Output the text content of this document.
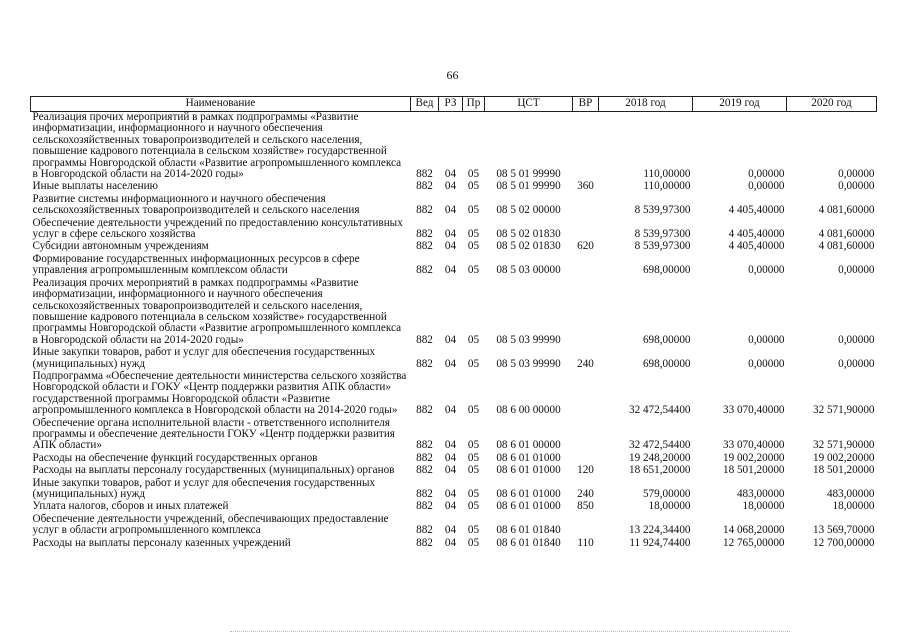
66
Наименование	Вед	РЗ	Пр	ЦСТ	ВР	2018 год	2019 год	2020 год
Реализация прочих мероприятий в рамках подпрограммы «Развитие информатизации, информационного и научного обеспечения сельскохозяйственных товаропроизводителей и сельского населения, повышение кадрового потенциала в сельском хозяйстве» государственной программы Новгородской области «Развитие агропромышленного комплекса в Новгородской области на 2014-2020 годы»	882	04	05	08 5 01 99990		110,00000	0,00000	0,00000
Иные выплаты населению	882	04	05	08 5 01 99990	360	110,00000	0,00000	0,00000
Развитие системы информационного и научного обеспечения сельскохозяйственных товаропроизводителей и сельского населения	882	04	05	08 5 02 00000		8 539,97300	4 405,40000	4 081,60000
Обеспечение деятельности учреждений по предоставлению консультативных услуг в сфере сельского хозяйства	882	04	05	08 5 02 01830		8 539,97300	4 405,40000	4 081,60000
Субсидии автономным учреждениям	882	04	05	08 5 02 01830	620	8 539,97300	4 405,40000	4 081,60000
Формирование государственных информационных ресурсов в сфере управления агропромышленным комплексом области	882	04	05	08 5 03 00000		698,00000	0,00000	0,00000
Реализация прочих мероприятий в рамках подпрограммы «Развитие информатизации, информационного и научного обеспечения сельскохозяйственных товаропроизводителей и сельского населения, повышение кадрового потенциала в сельском хозяйстве» государственной программы Новгородской области «Развитие агропромышленного комплекса в Новгородской области на 2014-2020 годы»	882	04	05	08 5 03 99990		698,00000	0,00000	0,00000
Иные закупки товаров, работ и услуг для обеспечения государственных (муниципальных) нужд	882	04	05	08 5 03 99990	240	698,00000	0,00000	0,00000
Подпрограмма «Обеспечение деятельности министерства сельского хозяйства Новгородской области и ГОКУ «Центр поддержки развития АПК области» государственной программы Новгородской области «Развитие агропромышленного комплекса в Новгородской области на 2014-2020 годы»	882	04	05	08 6 00 00000		32 472,54400	33 070,40000	32 571,90000
Обеспечение органа исполнительной власти - ответственного исполнителя программы и обеспечение деятельности ГОКУ «Центр поддержки развития АПК области»	882	04	05	08 6 01 00000		32 472,54400	33 070,40000	32 571,90000
Расходы на обеспечение функций государственных органов	882	04	05	08 6 01 01000		19 248,20000	19 002,20000	19 002,20000
Расходы на выплаты персоналу государственных (муниципальных) органов	882	04	05	08 6 01 01000	120	18 651,20000	18 501,20000	18 501,20000
Иные закупки товаров, работ и услуг для обеспечения государственных (муниципальных) нужд	882	04	05	08 6 01 01000	240	579,00000	483,00000	483,00000
Уплата налогов, сборов и иных платежей	882	04	05	08 6 01 01000	850	18,00000	18,00000	18,00000
Обеспечение деятельности учреждений, обеспечивающих предоставление услуг в области агропромышленного комплекса	882	04	05	08 6 01 01840		13 224,34400	14 068,20000	13 569,70000
Расходы на выплаты персоналу казенных учреждений	882	04	05	08 6 01 01840	110	11 924,74400	12 765,00000	12 700,00000
